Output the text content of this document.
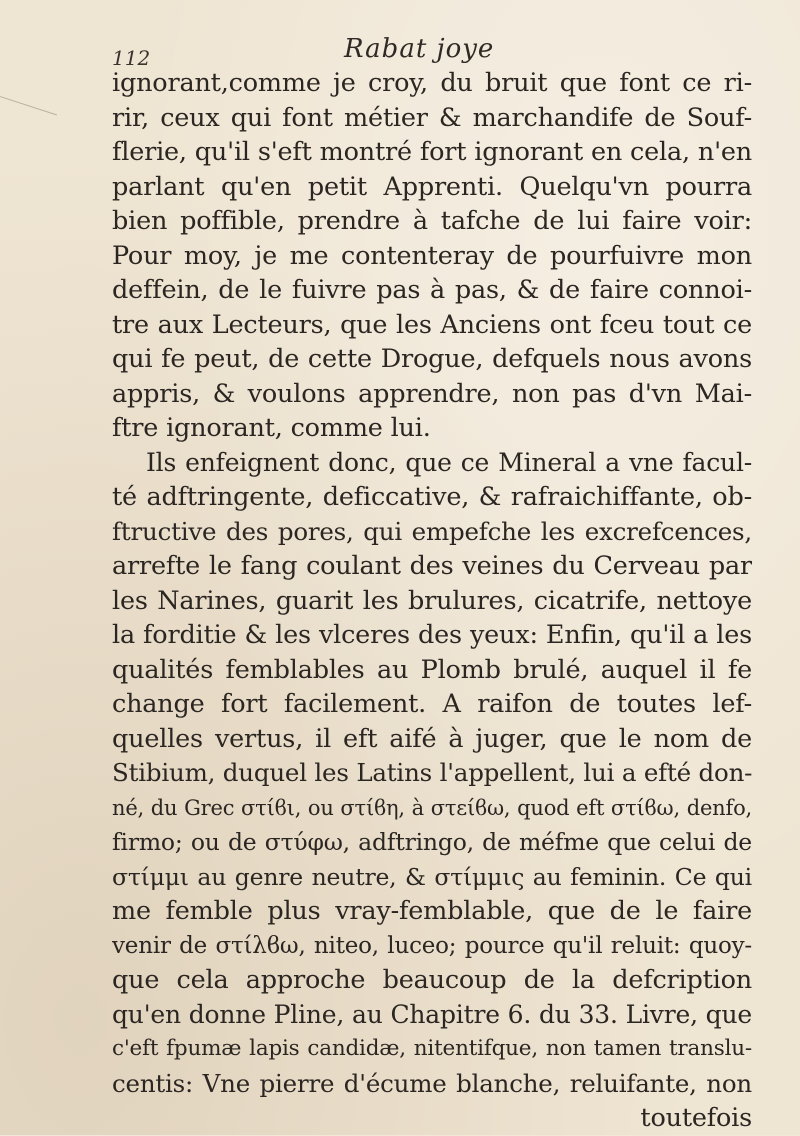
112	Rabat joye
ignorant,comme je croy, du bruit que font ce ri-
rir, ceux qui font métier & marchandife de Souf-
flerie, qu'il s'eft montré fort ignorant en cela, n'en
parlant qu'en petit Apprenti. Quelqu'vn pourra
bien poffible, prendre à tafche de lui faire voir:
Pour moy, je me contenteray de pourfuivre mon
deffein, de le fuivre pas à pas, & de faire connoi-
tre aux Lecteurs, que les Anciens ont fceu tout ce
qui fe peut, de cette Drogue, defquels nous avons
appris, & voulons apprendre, non pas d'vn Mai-
ftre ignorant, comme lui.
Ils enfeignent donc, que ce Mineral a vne facul-
té adftringente, deficcative, & rafraichiffante, ob-
ftructive des pores, qui empefche les excrefcences,
arrefte le fang coulant des veines du Cerveau par
les Narines, guarit les brulures, cicatrife, nettoye
la forditie & les vlceres des yeux: Enfin, qu'il a les
qualités femblables au Plomb brulé, auquel il fe
change fort facilement. A raifon de toutes lef-
quelles vertus, il eft aifé à juger, que le nom de
Stibium, duquel les Latins l'appellent, lui a efté don-
né, du Grec στίϐι, ou στίϐη, à στείϐω, quod eft στίϐω, denfo,
firmo; ou de στύφω, adftringo, de méfme que celui de
στίμμι au genre neutre, & στίμμις au feminin. Ce qui
me femble plus vray-femblable, que de le faire
venir de στίλϐω, niteo, luceo; pource qu'il reluit: quoy-
que cela approche beaucoup de la defcription
qu'en donne Pline, au Chapitre 6. du 33. Livre, que
c'eft fpumæ lapis candidæ, nitentifque, non tamen translu-
centis: Vne pierre d'écume blanche, reluifante, non
toutefois
